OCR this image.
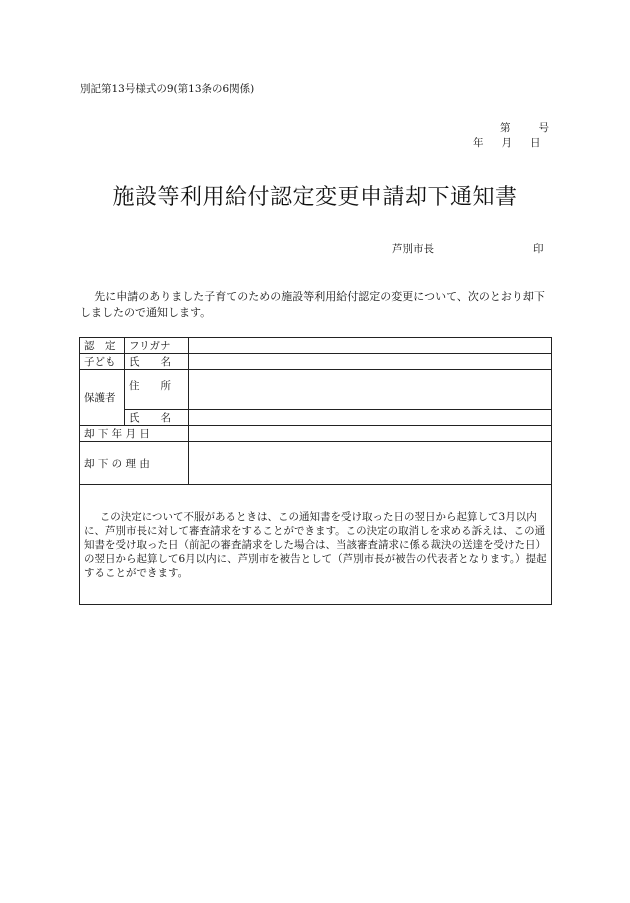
別記第13号様式の9(第13条の6関係)
第	号
年 月 日
施設等利用給付認定変更申請却下通知書
芦別市長	印
先に申請のありました子育てのための施設等利用給付認定の変更について、次のとおり却下しましたので通知します。
認　定	フリガナ	
子ども	氏　　名	
保護者	住　　所	
	氏　　名	
却 下 年 月 日		
却 下 の 理 由		

この決定について不服があるときは、この通知書を受け取った日の翌日から起算して3月以内に、芦別市長に対して審査請求をすることができます。この決定の取消しを求める訴えは、この通知書を受け取った日（前記の審査請求をした場合は、当該審査請求に係る裁決の送達を受けた日）の翌日から起算して6月以内に、芦別市を被告として（芦別市長が被告の代表者となります。）提起することができます。		
